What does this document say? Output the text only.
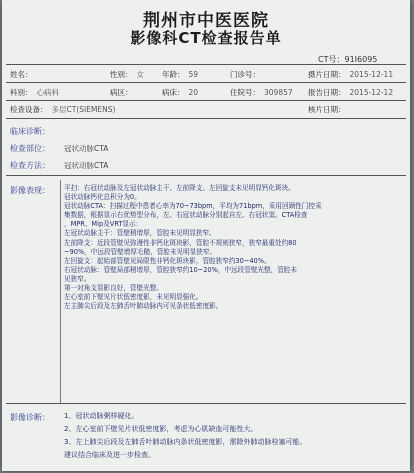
荆州市中医医院
影像科CT检查报告单
CT号：91I6095
姓名：	性别： 女 年龄： 59	门诊号：	摄片日期： 2015-12-11
科别： 心病科	病区：	病床： 20	住院号： 309857 报告日期： 2015-12-12
检查设备： 多层CT(SIEMENS)	核片日期：
临床诊断：
检查部位： 冠状动脉CTA
检查方法： 冠状动脉CTA
影像表现： 平扫：右冠状动脉及左冠状动脉主干、左前降支、左回旋支未见明显钙化斑块。
冠状动脉钙化总积分为0。
冠状动脉CTA：扫描过程中患者心率为70~73bpm，平均为71bpm，采用回顾性门控采
集数据，根据显示右优势型分布，左、右冠状动脉分别起自左、右冠状窦。CTA检查
，MPR、Mip及VRT显示：
左冠状动脉主干：管壁稍增厚，管腔未见明显狭窄。
左前降支：近段管壁见弥漫性非钙化斑块影，管腔不规则狭窄，狭窄最重处约80
~90%，中远段管壁增厚毛糙，管腔未见明显狭窄。
左回旋支：起始部管壁见局限性非钙化斑块影，管腔狭窄约30~40%。
右冠状动脉：管壁局部稍增厚，管腔狭窄约10~20%，中远段管壁光整，管腔未
见狭窄。
第一对角支显影良好，管壁光整。
左心室前下壁见片状低密度影，未见明显强化。
左主肺尖后段及左肺舌叶肺动脉内可见条状低密度影。
影像诊断： 1、冠状动脉粥样硬化。
2、左心室前下壁见片状低密度影，考虑为心肌缺血可能性大。
3、左上肺尖后段及左肺舌叶肺动脉内条状低密度影，需除外肺动脉栓塞可能。
建议结合临床及进一步检查。
